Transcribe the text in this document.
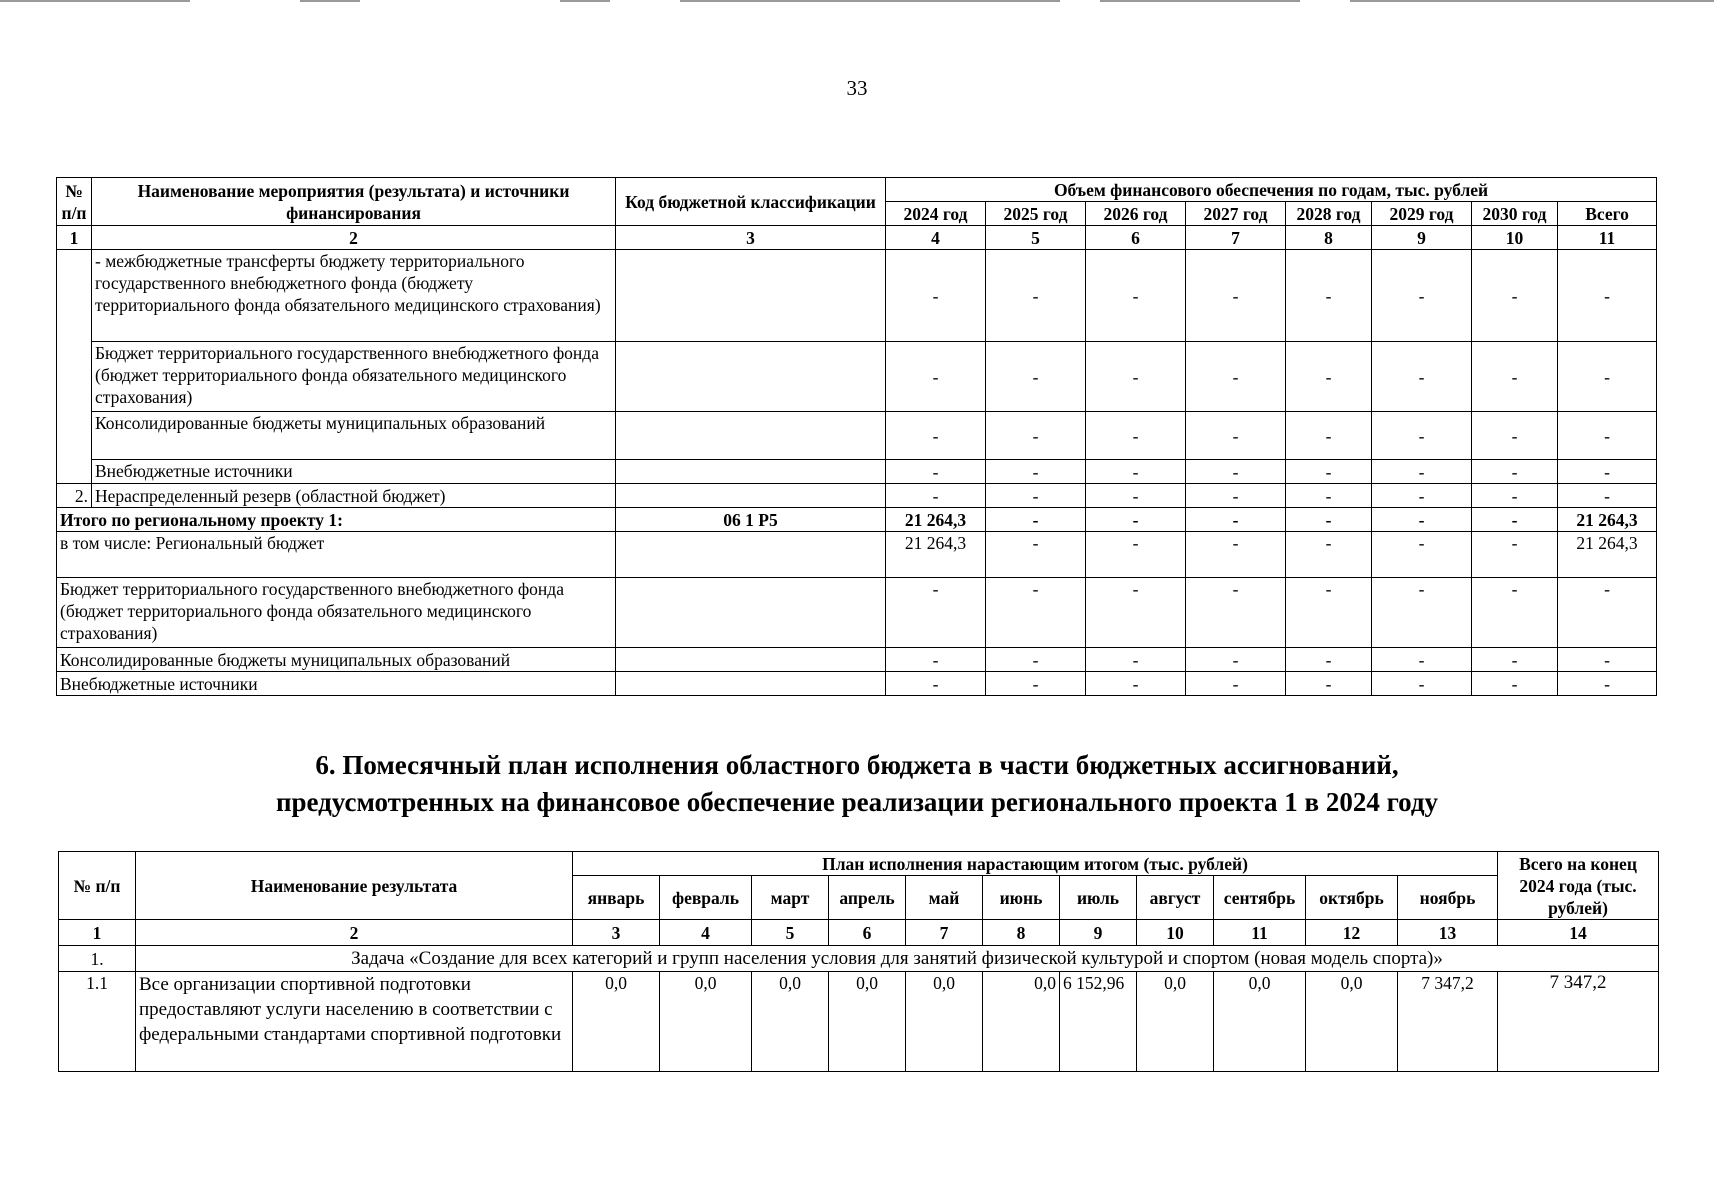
33
№ п/п	Наименование мероприятия (результата) и источники финансирования	Код бюджетной классификации	Объем финансового обеспечения по годам, тыс. рублей							
			2024 год	2025 год	2026 год	2027 год	2028 год	2029 год	2030 год	Всего
1	2	3	4	5	6	7	8	9	10	11
	- межбюджетные трансферты бюджету территориального государственного внебюджетного фонда (бюджету территориального фонда обязательного медицинского страхования)		-	-	-	-	-	-	-	-
	Бюджет территориального государственного внебюджетного фонда (бюджет территориального фонда обязательного медицинского страхования)		-	-	-	-	-	-	-	-
	Консолидированные бюджеты муниципальных образований		-	-	-	-	-	-	-	-
	Внебюджетные источники		-	-	-	-	-	-	-	-
2.	Нераспределенный резерв (областной бюджет)		-	-	-	-	-	-	-	-
Итого по региональному проекту 1:		06 1 Р5	21 264,3	-	-	-	-	-	-	21 264,3
в том числе: Региональный бюджет			21 264,3	-	-	-	-	-	-	21 264,3
Бюджет территориального государственного внебюджетного фонда (бюджет территориального фонда обязательного медицинского страхования)			-	-	-	-	-	-	-	-
Консолидированные бюджеты муниципальных образований			-	-	-	-	-	-	-	-
Внебюджетные источники			-	-	-	-	-	-	-	-
6. Помесячный план исполнения областного бюджета в части бюджетных ассигнований,
предусмотренных на финансовое обеспечение реализации регионального проекта 1 в 2024 году
№ п/п	Наименование результата	План исполнения нарастающим итогом (тыс. рублей)											Всего на конец 2024 года (тыс. рублей)
		январь	февраль	март	апрель	май	июнь	июль	август	сентябрь	октябрь	ноябрь	
1	2	3	4	5	6	7	8	9	10	11	12	13	14
1.	Задача «Создание для всех категорий и групп населения условия для занятий физической культурой и спортом (новая модель спорта)»												
1.1	Все организации спортивной подготовки предоставляют услуги населению в соответствии с федеральными стандартами спортивной подготовки	0,0	0,0	0,0	0,0	0,0	0,0	6 152,96	0,0	0,0	0,0	7 347,2	7 347,2
